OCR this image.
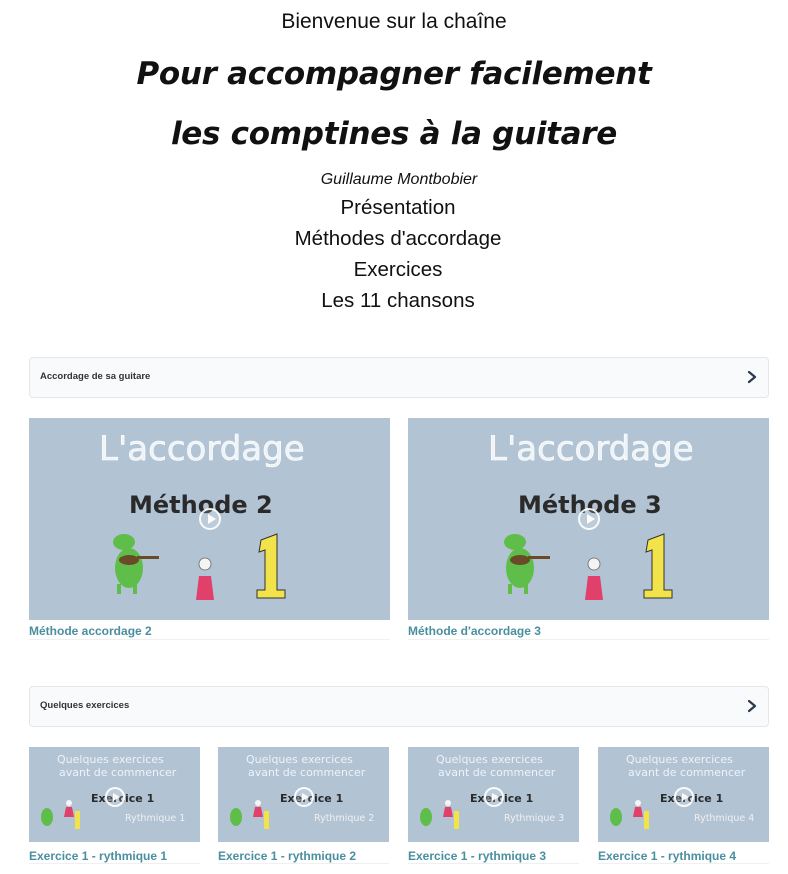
Bienvenue sur la chaîne
Pour accompagner facilement
les comptines à la guitare
Guillaume Montbobier
Présentation
Méthodes d'accordage
Exercices
Les 11 chansons
Accordage de sa guitare
L'accordage
Méthode 2
Méthode accordage 2
L'accordage
Méthode 3
Méthode d'accordage 3
Quelques exercices
Quelques exercices
avant de commencer
Exercice 1
Rythmique 1
Exercice 1 - rythmique 1
Quelques exercices
avant de commencer
Exercice 1
Rythmique 2
Exercice 1 - rythmique 2
Quelques exercices
avant de commencer
Exercice 1
Rythmique 3
Exercice 1 - rythmique 3
Quelques exercices
avant de commencer
Exercice 1
Rythmique 4
Exercice 1 - rythmique 4
